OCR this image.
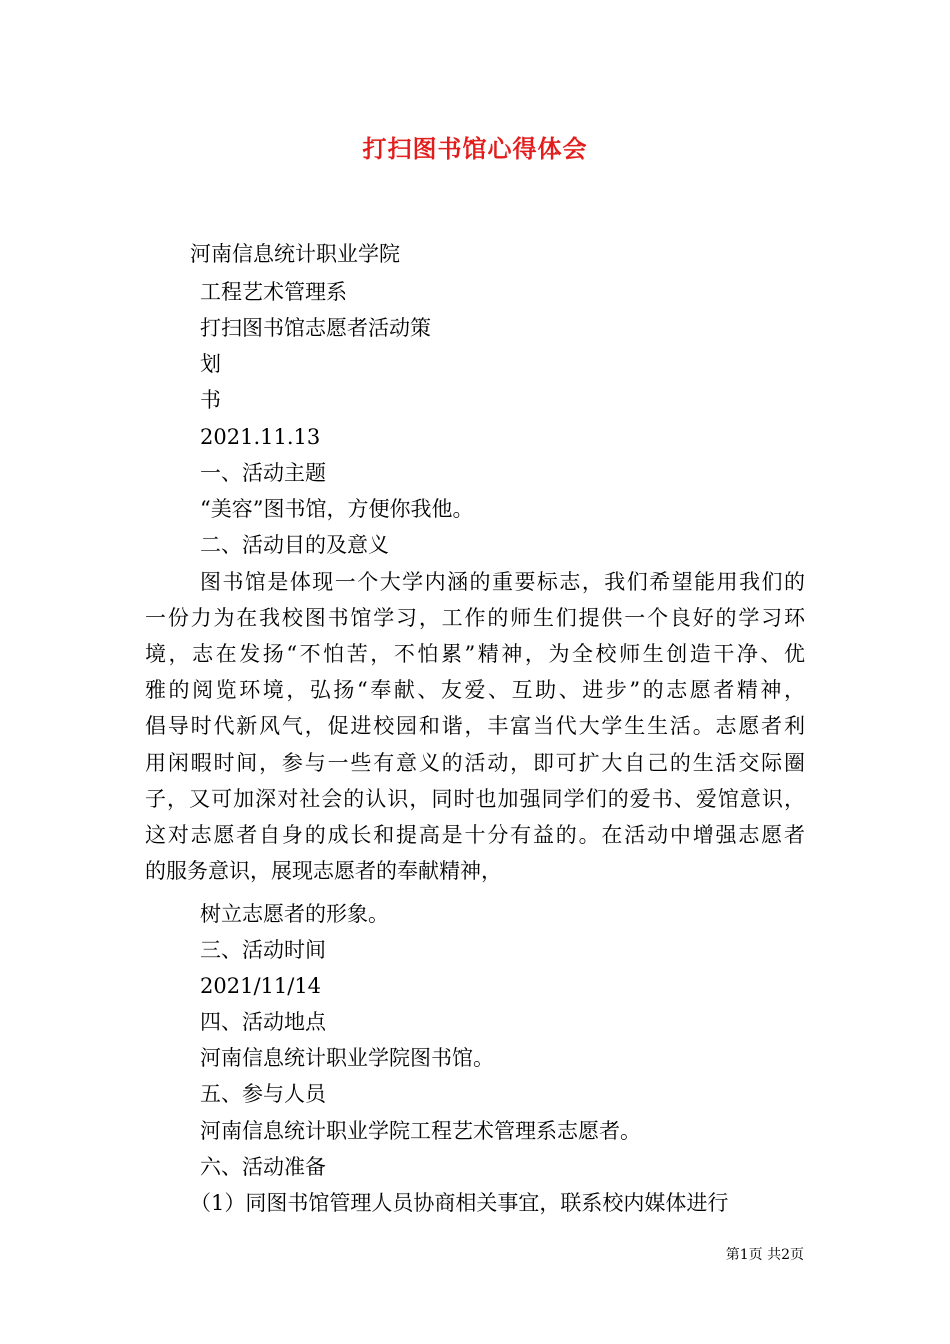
打扫图书馆心得体会
河南信息统计职业学院
工程艺术管理系
打扫图书馆志愿者活动策
划
书
2021.11.13
一、活动主题
“美容”图书馆，方便你我他。
二、活动目的及意义
图书馆是体现一个大学内涵的重要标志，我们希望能用我们的
一份力为在我校图书馆学习，工作的师生们提供一个良好的学习环
境，志在发扬“不怕苦，不怕累”精神，为全校师生创造干净、优
雅的阅览环境，弘扬“奉献、友爱、互助、进步”的志愿者精神，
倡导时代新风气，促进校园和谐，丰富当代大学生生活。志愿者利
用闲暇时间，参与一些有意义的活动，即可扩大自己的生活交际圈
子，又可加深对社会的认识，同时也加强同学们的爱书、爱馆意识，
这对志愿者自身的成长和提高是十分有益的。在活动中增强志愿者
的服务意识，展现志愿者的奉献精神，
树立志愿者的形象。
三、活动时间
2021/11/14
四、活动地点
河南信息统计职业学院图书馆。
五、参与人员
河南信息统计职业学院工程艺术管理系志愿者。
六、活动准备
（1）同图书馆管理人员协商相关事宜，联系校内媒体进行
第1页 共2页
